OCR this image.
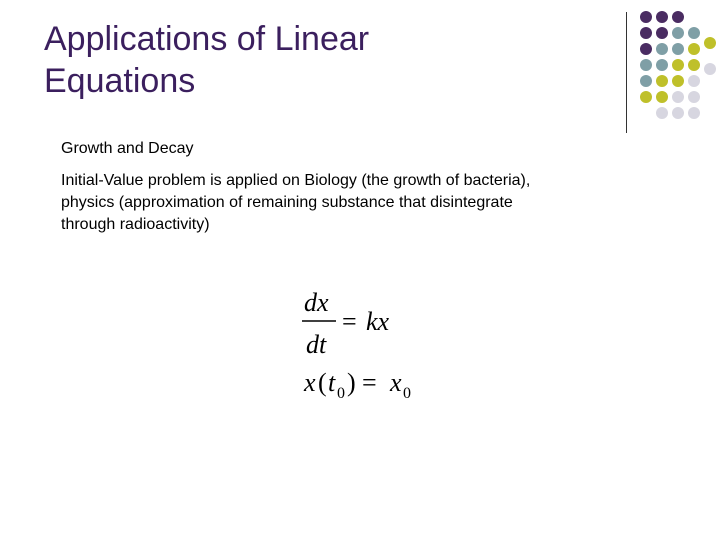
Applications of Linear
Equations

Growth and Decay

Initial-Value problem is applied on Biology (the growth of bacteria),
physics (approximation of remaining substance that disintegrate
through radioactivity)

dx
dt
= kx
x ( t 0 ) = x 0
